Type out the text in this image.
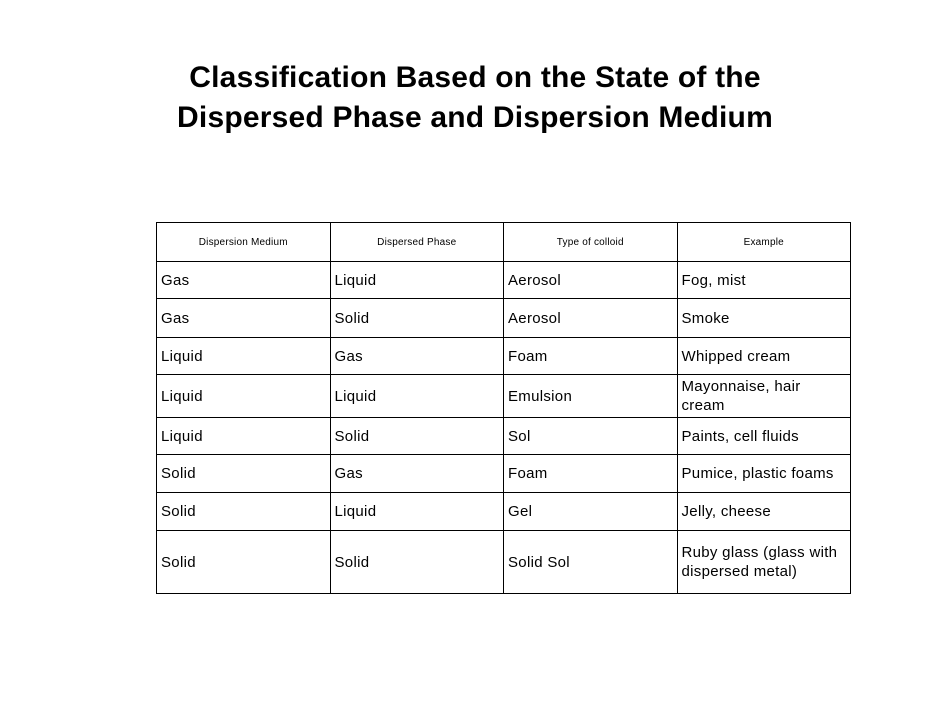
Classification Based on the State of the
Dispersed Phase and Dispersion Medium
Dispersion Medium	Dispersed Phase	Type of colloid	Example
Gas	Liquid	Aerosol	Fog, mist
Gas	Solid	Aerosol	Smoke
Liquid	Gas	Foam	Whipped cream
Liquid	Liquid	Emulsion	Mayonnaise, hair cream
Liquid	Solid	Sol	Paints, cell fluids
Solid	Gas	Foam	Pumice, plastic foams
Solid	Liquid	Gel	Jelly, cheese
Solid	Solid	Solid Sol	Ruby glass (glass with dispersed metal)
